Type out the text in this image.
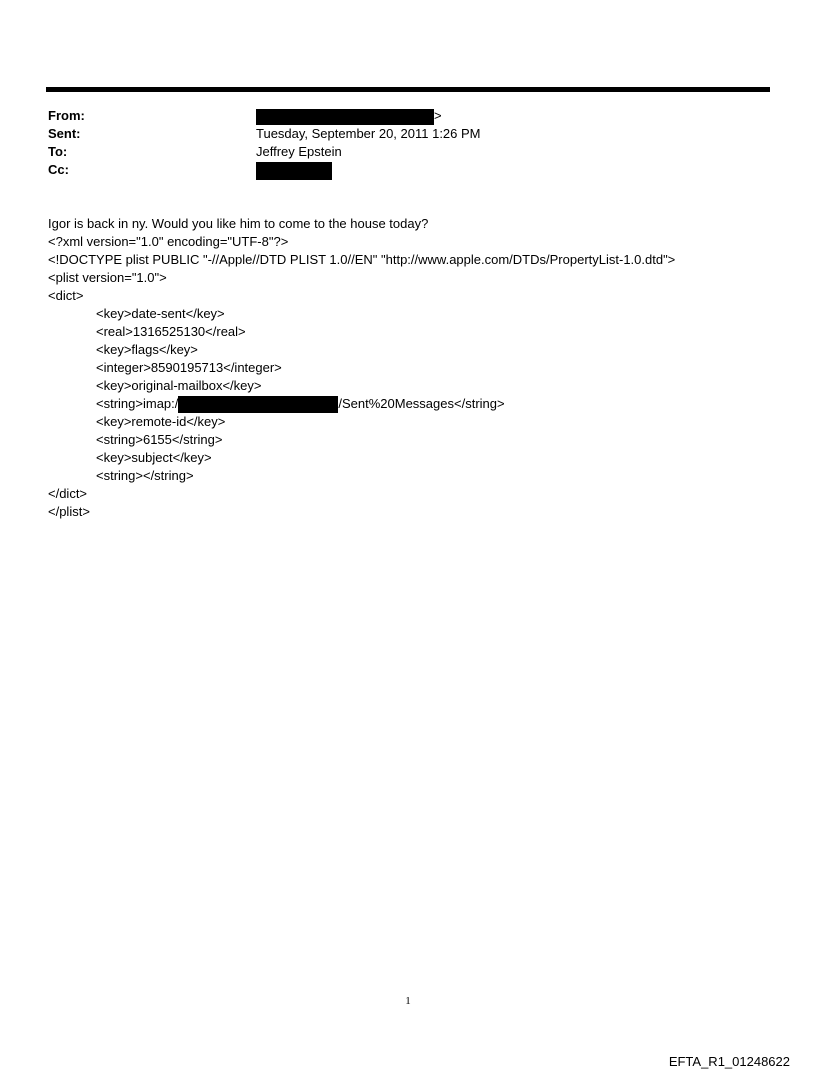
From:	>
Sent:	Tuesday, September 20, 2011 1:26 PM
To:	Jeffrey Epstein
Cc:
Igor is back in ny. Would you like him to come to the house today?
<?xml version="1.0" encoding="UTF-8"?>
<!DOCTYPE plist PUBLIC "-//Apple//DTD PLIST 1.0//EN" "http://www.apple.com/DTDs/PropertyList-1.0.dtd">
<plist version="1.0">
<dict>
<key>date-sent</key>
<real>1316525130</real>
<key>flags</key>
<integer>8590195713</integer>
<key>original-mailbox</key>
<string>imap:/	/Sent%20Messages</string>
<key>remote-id</key>
<string>6155</string>
<key>subject</key>
<string></string>
</dict>
</plist>
1
EFTA_R1_01248622
